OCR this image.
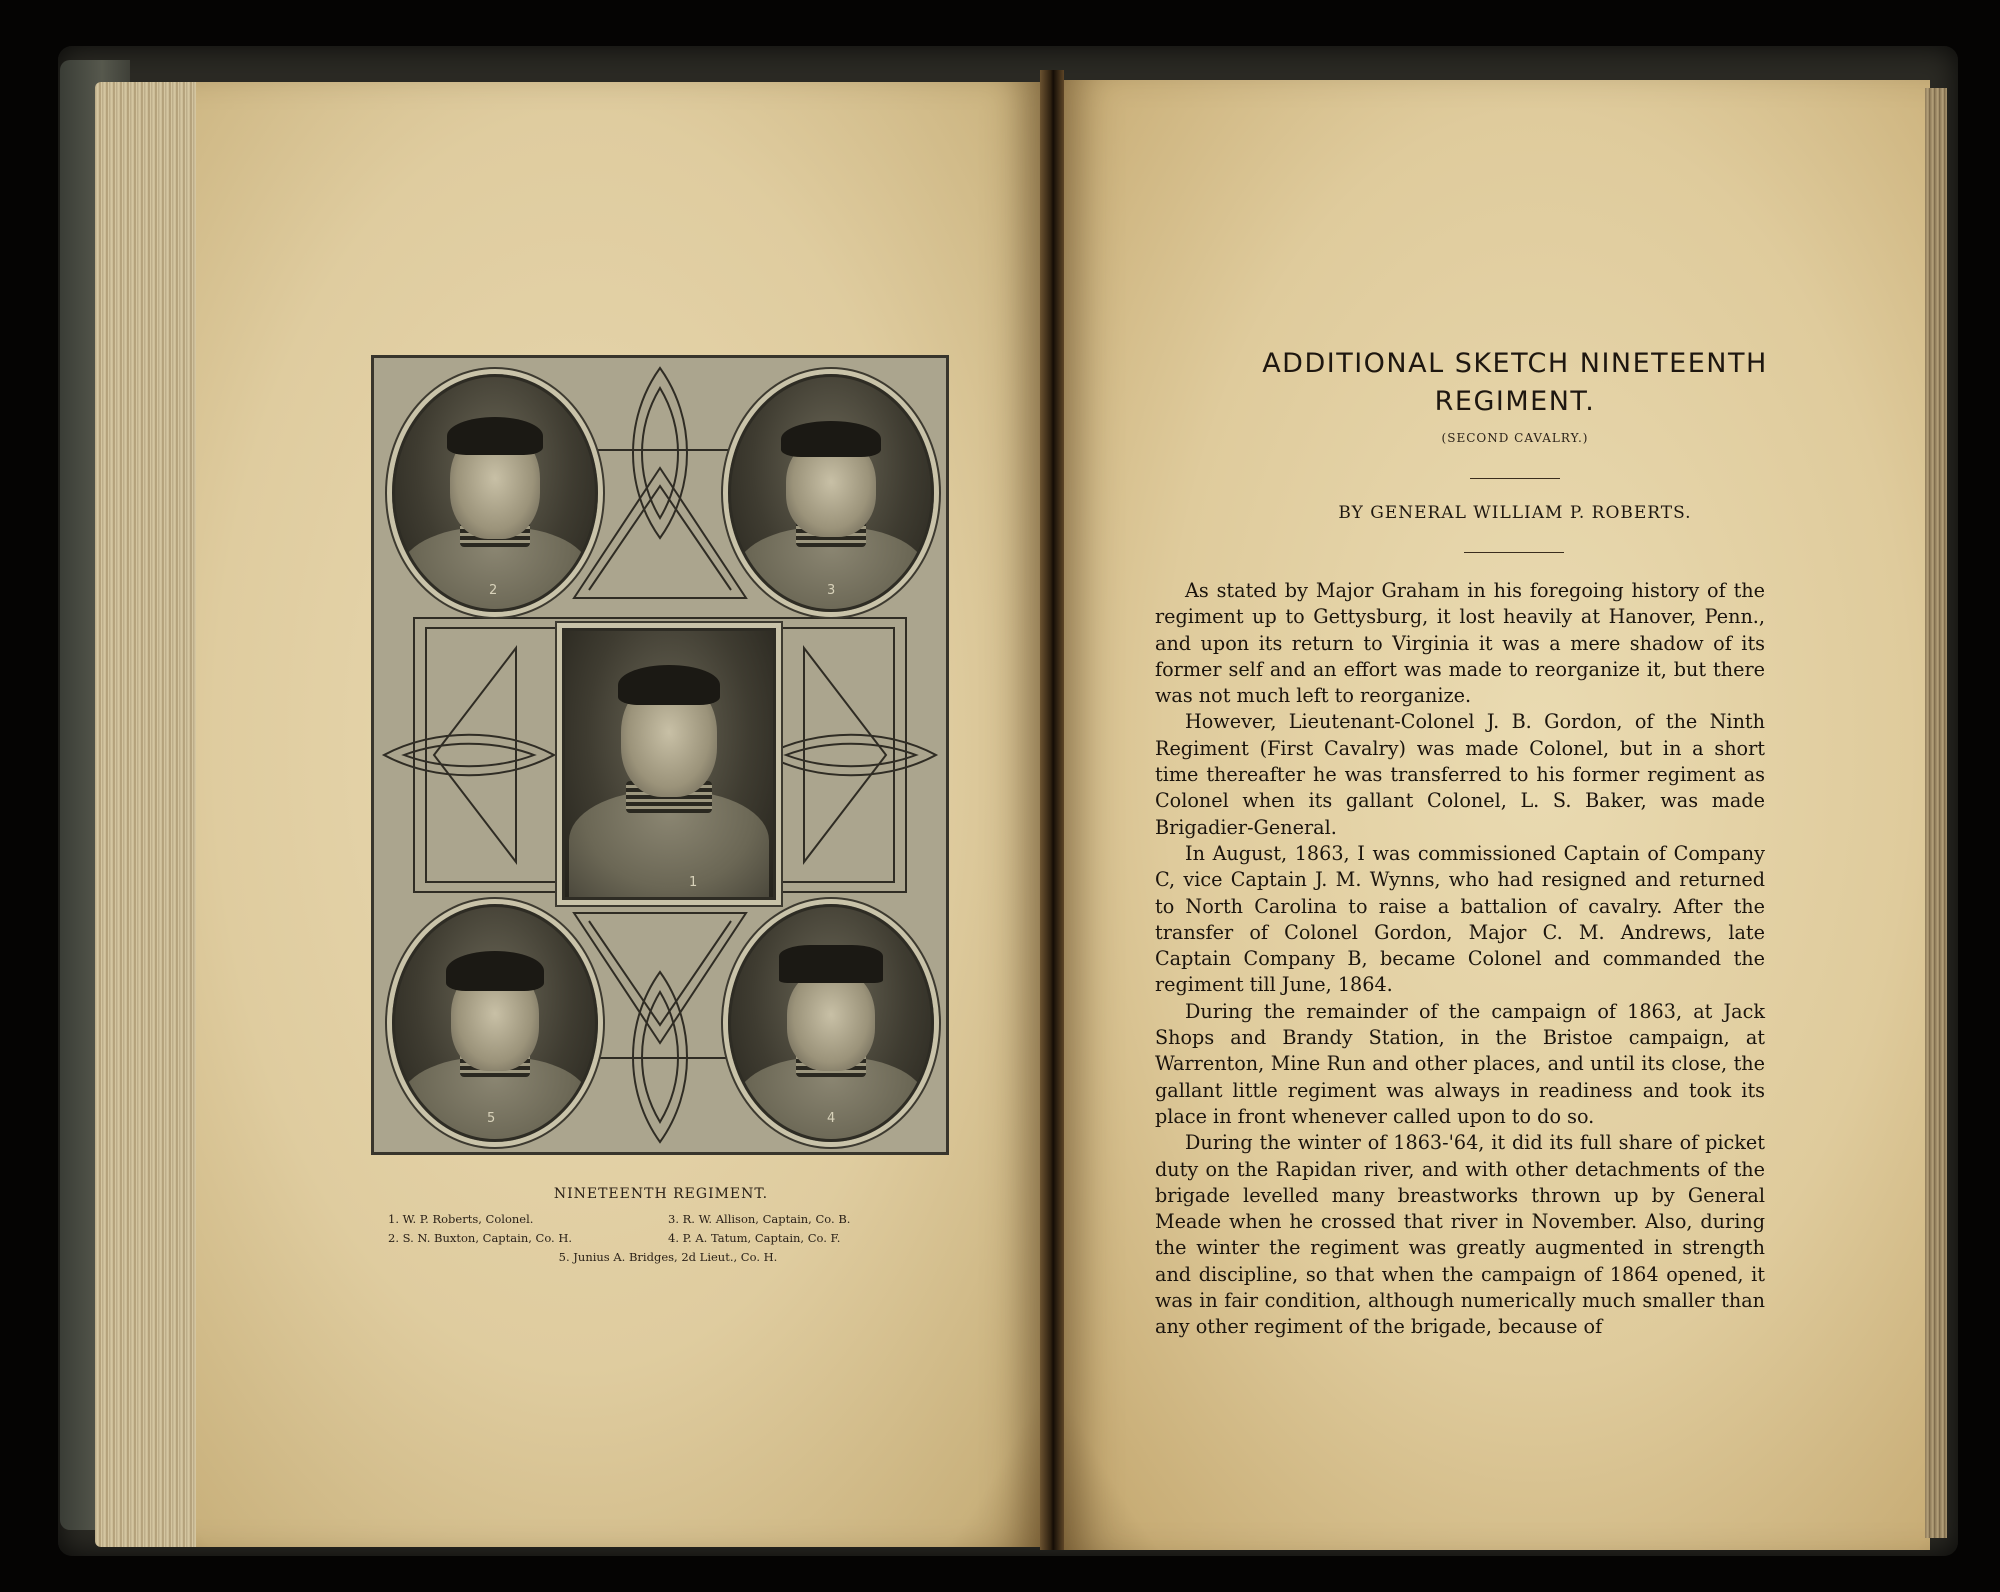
2	3
1
5	4
NINETEENTH REGIMENT.
1. W. P. Roberts, Colonel.	3. R. W. Allison, Captain, Co. B.
2. S. N. Buxton, Captain, Co. H.	4. P. A. Tatum, Captain, Co. F.
5. Junius A. Bridges, 2d Lieut., Co. H.
ADDITIONAL SKETCH NINETEENTH
REGIMENT.
(SECOND CAVALRY.)
BY GENERAL WILLIAM P. ROBERTS.

As stated by Major Graham in his foregoing history of the regiment up to Gettysburg, it lost heavily at Hanover, Penn., and upon its return to Virginia it was a mere shadow of its former self and an effort was made to reorganize it, but there was not much left to reorganize.

However, Lieutenant-Colonel J. B. Gordon, of the Ninth Regiment (First Cavalry) was made Colonel, but in a short time thereafter he was transferred to his former regiment as Colonel when its gallant Colonel, L. S. Baker, was made Brigadier-General.

In August, 1863, I was commissioned Captain of Company C, vice Captain J. M. Wynns, who had resigned and returned to North Carolina to raise a battalion of cavalry. After the transfer of Colonel Gordon, Major C. M. Andrews, late Captain Company B, became Colonel and commanded the regiment till June, 1864.

During the remainder of the campaign of 1863, at Jack Shops and Brandy Station, in the Bristoe campaign, at Warrenton, Mine Run and other places, and until its close, the gallant little regiment was always in readiness and took its place in front whenever called upon to do so.

During the winter of 1863-'64, it did its full share of picket duty on the Rapidan river, and with other detachments of the brigade levelled many breastworks thrown up by General Meade when he crossed that river in November. Also, during the winter the regiment was greatly augmented in strength and discipline, so that when the campaign of 1864 opened, it was in fair condition, although numerically much smaller than any other regiment of the brigade, because of
